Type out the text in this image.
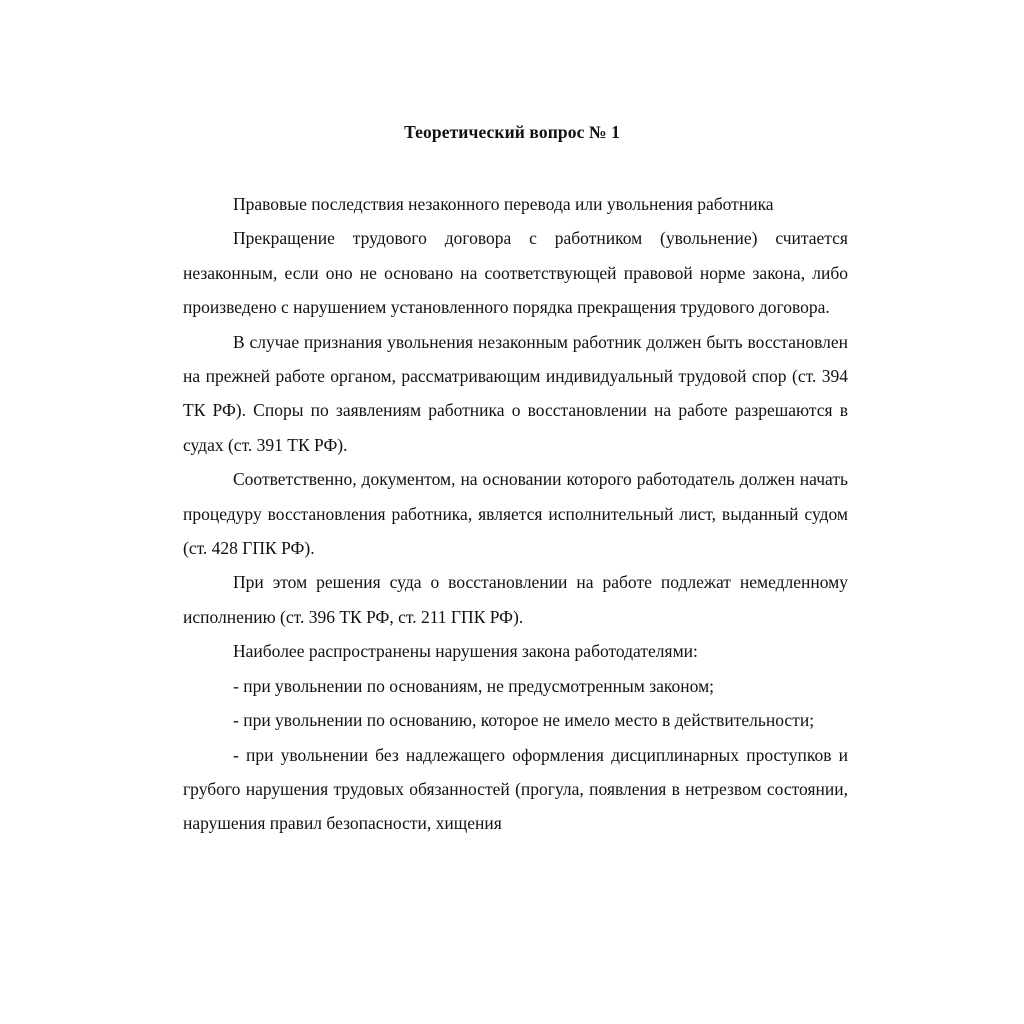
Теоретический вопрос № 1

Правовые последствия незаконного перевода или увольнения работника

Прекращение трудового договора с работником (увольнение) считается незаконным, если оно не основано на соответствующей правовой норме закона, либо произведено с нарушением установленного порядка прекращения трудового договора.

В случае признания увольнения незаконным работник должен быть восстановлен на прежней работе органом, рассматривающим индивидуальный трудовой спор (ст. 394 ТК РФ). Споры по заявлениям работника о восстановлении на работе разрешаются в судах (ст. 391 ТК РФ).

Соответственно, документом, на основании которого работодатель должен начать процедуру восстановления работника, является исполнительный лист, выданный судом (ст. 428 ГПК РФ).

При этом решения суда о восстановлении на работе подлежат немедленному исполнению (ст. 396 ТК РФ, ст. 211 ГПК РФ).

Наиболее распространены нарушения закона работодателями:

- при увольнении по основаниям, не предусмотренным законом;

- при увольнении по основанию, которое не имело место в действительности;

- при увольнении без надлежащего оформления дисциплинарных проступков и грубого нарушения трудовых обязанностей (прогула, появления в нетрезвом состоянии, нарушения правил безопасности, хищения
